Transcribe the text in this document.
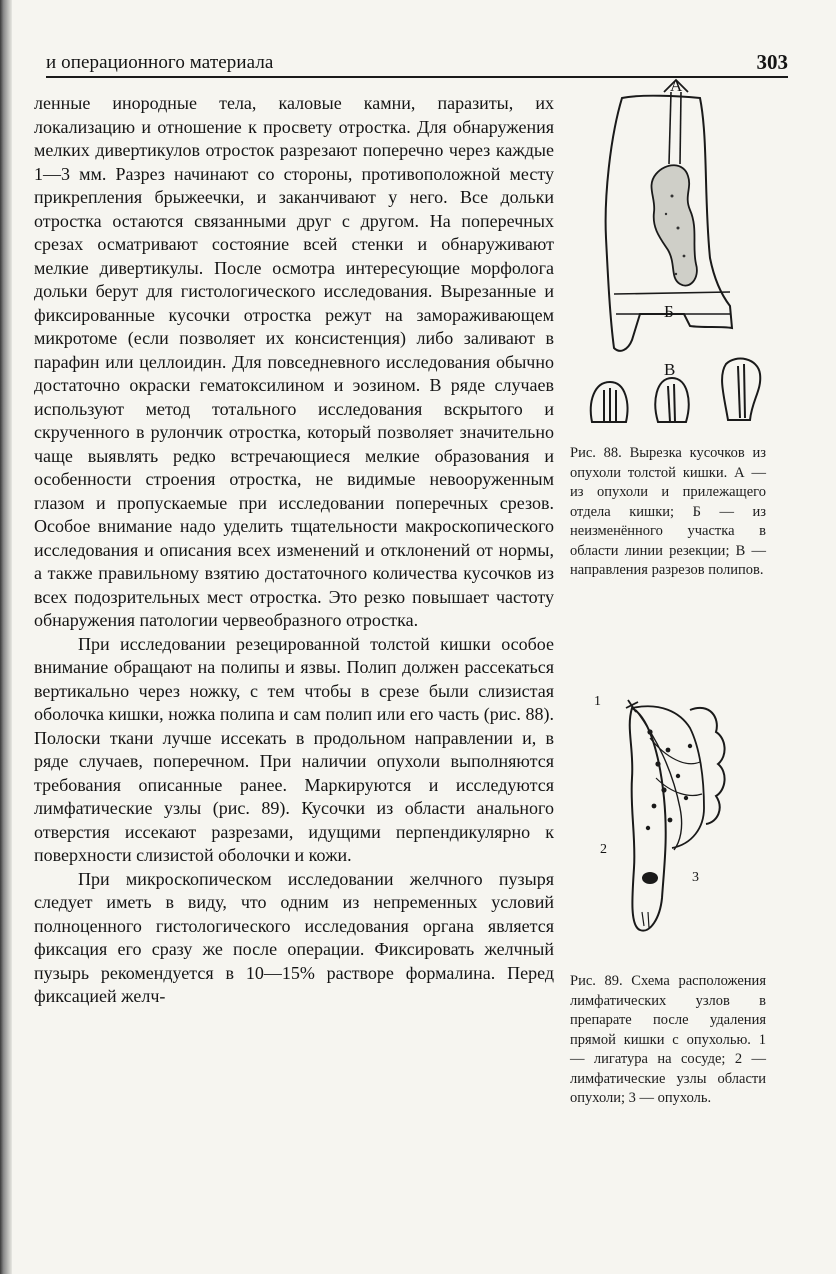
и операционного материала	303

ленные инородные тела, каловые камни, паразиты, их локализацию и отношение к просвету отростка. Для обнаружения мелких дивертикулов отросток разрезают поперечно через каждые 1—3 мм. Разрез начинают со стороны, противоположной месту прикрепления брыжеечки, и заканчивают у него. Все дольки отростка остаются связанными друг с другом. На поперечных срезах осматривают состояние всей стенки и обнаруживают мелкие дивертикулы. После осмотра интересующие морфолога дольки берут для гистологического исследования. Вырезанные и фиксированные кусочки отростка режут на замораживающем микротоме (если позволяет их консистенция) либо заливают в парафин или целлоидин. Для повседневного исследования обычно достаточно окраски гематоксилином и эозином. В ряде случаев используют метод тотального исследования вскрытого и скрученного в рулончик отростка, который позволяет значительно чаще выявлять редко встречающиеся мелкие образования и особенности строения отростка, не видимые невооруженным глазом и пропускаемые при исследовании поперечных срезов. Особое внимание надо уделить тщательности макроскопического исследования и описания всех изменений и отклонений от нормы, а также правильному взятию достаточного количества кусочков из всех подозрительных мест отростка. Это резко повышает частоту обнаружения патологии червеобразного отростка.

При исследовании резецированной толстой кишки особое внимание обращают на полипы и язвы. Полип должен рассекаться вертикально через ножку, с тем чтобы в срезе были слизистая оболочка кишки, ножка полипа и сам полип или его часть (рис. 88). Полоски ткани лучше иссекать в продольном направлении и, в ряде случаев, поперечном. При наличии опухоли выполняются требования описанные ранее. Маркируются и исследуются лимфатические узлы (рис. 89). Кусочки из области анального отверстия иссекают разрезами, идущими перпендикулярно к поверхности слизистой оболочки и кожи.

При микроскопическом исследовании желчного пузыря следует иметь в виду, что одним из непременных условий полноценного гистологического исследования органа является фиксация его сразу же после операции. Фиксировать желчный пузырь рекомендуется в 10—15% растворе формалина. Перед фиксацией желч-

А
Б
В
Рис. 88. Вырезка кусочков из опухоли толстой кишки. А — из опухоли и прилежащего отдела кишки; Б — из неизменённого участка в области линии резекции; В — направления разрезов полипов.
1
2
3
Рис. 89. Схема расположения лимфатических узлов в препарате после удаления прямой кишки с опухолью. 1 — лигатура на сосуде; 2 — лимфатические узлы области опухоли; 3 — опухоль.
